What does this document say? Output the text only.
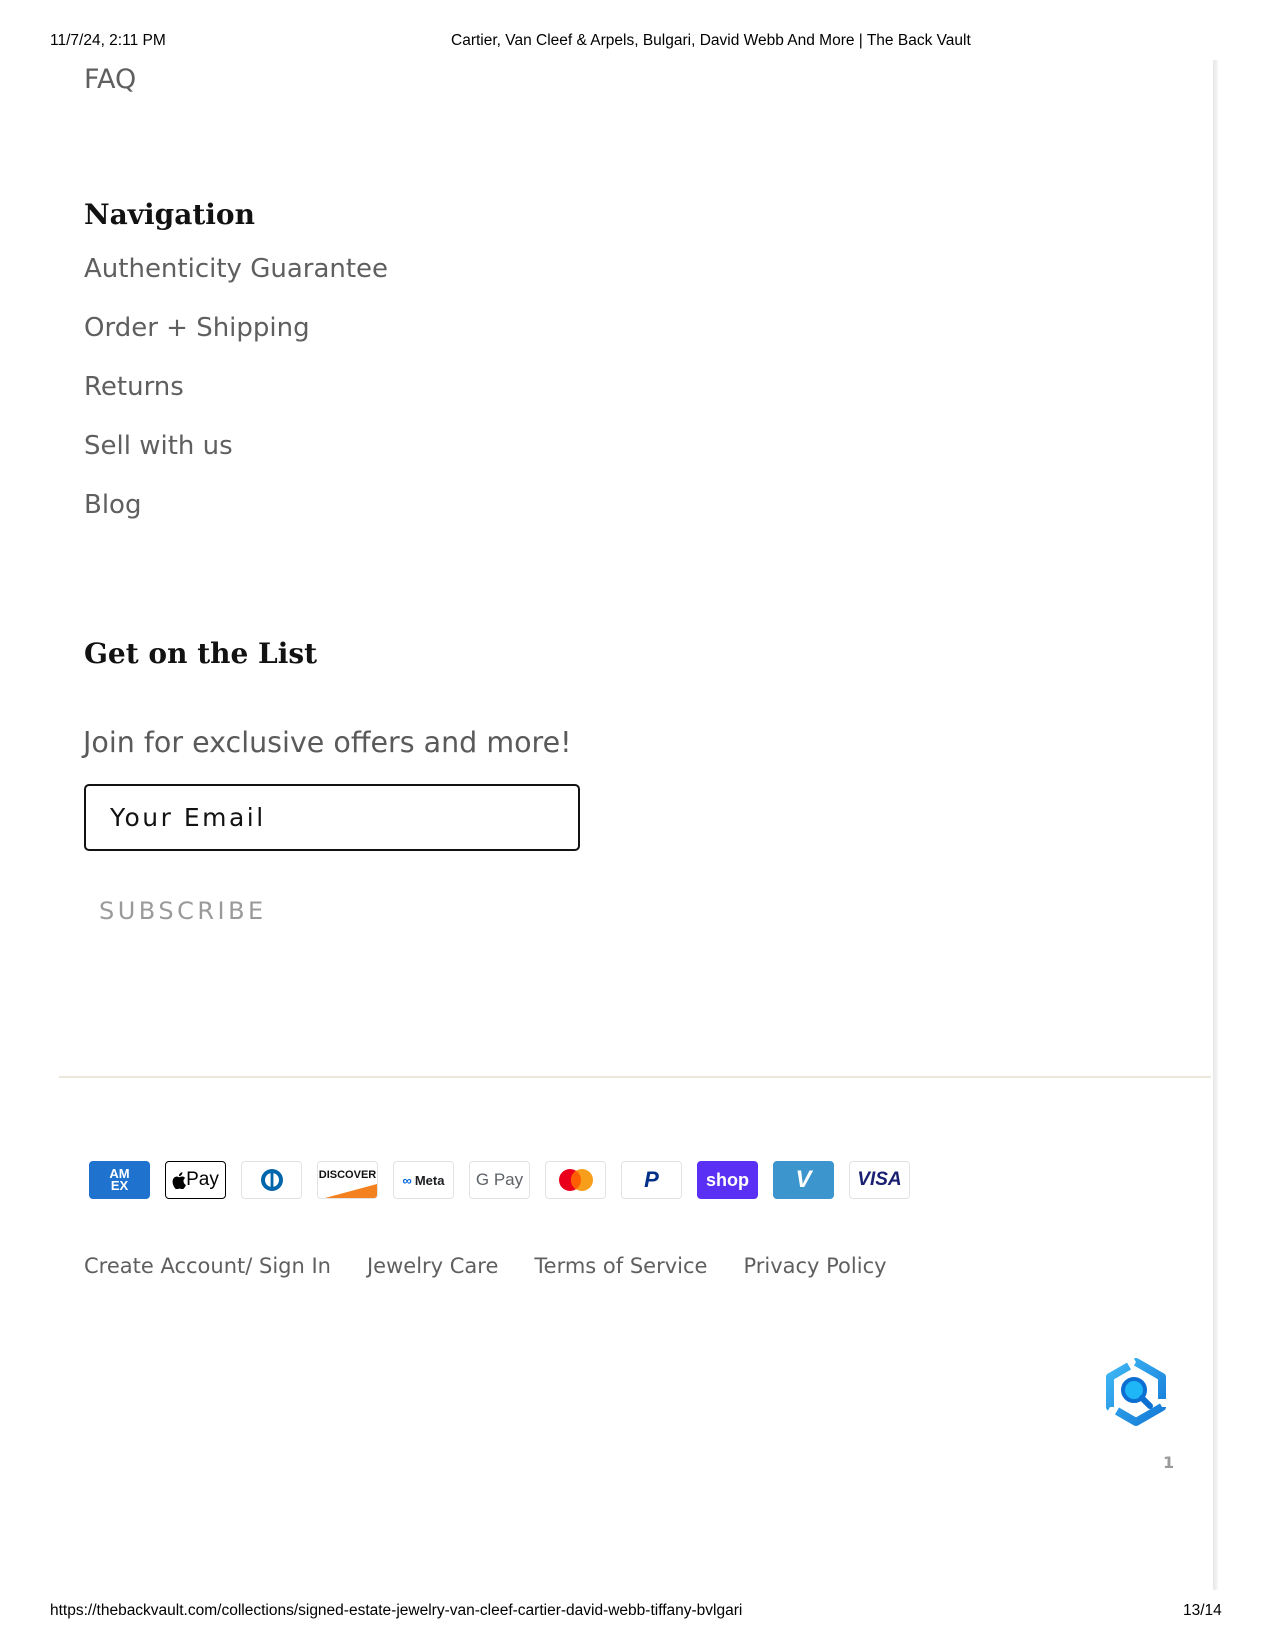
11/7/24, 2:11 PM	Cartier, Van Cleef & Arpels, Bulgari, David Webb And More | The Back Vault
FAQ
Navigation
Authenticity Guarantee
Order + Shipping
Returns
Sell with us
Blog
Get on the List
Join for exclusive offers and more!
Your Email
SUBSCRIBE
AM EX	Pay	DISCOVER ∞ Meta G Pay	P	shop V VISA
Create Account/ Sign In Jewelry Care Terms of Service Privacy Policy
1
https://thebackvault.com/collections/signed-estate-jewelry-van-cleef-cartier-david-webb-tiffany-bvlgari	13/14
